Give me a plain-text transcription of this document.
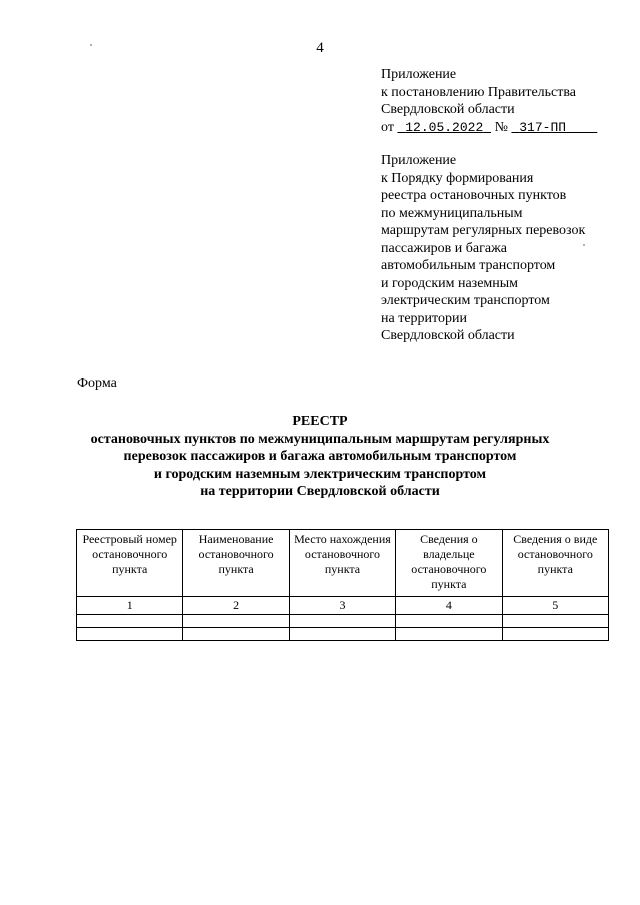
4
Приложение
к постановлению Правительства
Свердловской области
от 12.05.2022 № 317-ПП
Приложение
к Порядку формирования
реестра остановочных пунктов
по межмуниципальным
маршрутам регулярных перевозок
пассажиров и багажа
автомобильным транспортом
и городским наземным
электрическим транспортом
на территории
Свердловской области
Форма
РЕЕСТР
остановочных пунктов по межмуниципальным маршрутам регулярных
перевозок пассажиров и багажа автомобильным транспортом
и городским наземным электрическим транспортом
на территории Свердловской области
Реестровый номер остановочного пункта	Наименование остановочного пункта	Место нахождения остановочного пункта	Сведения о владельце остановочного пункта	Сведения о виде остановочного пункта
1	2	3	4	5
